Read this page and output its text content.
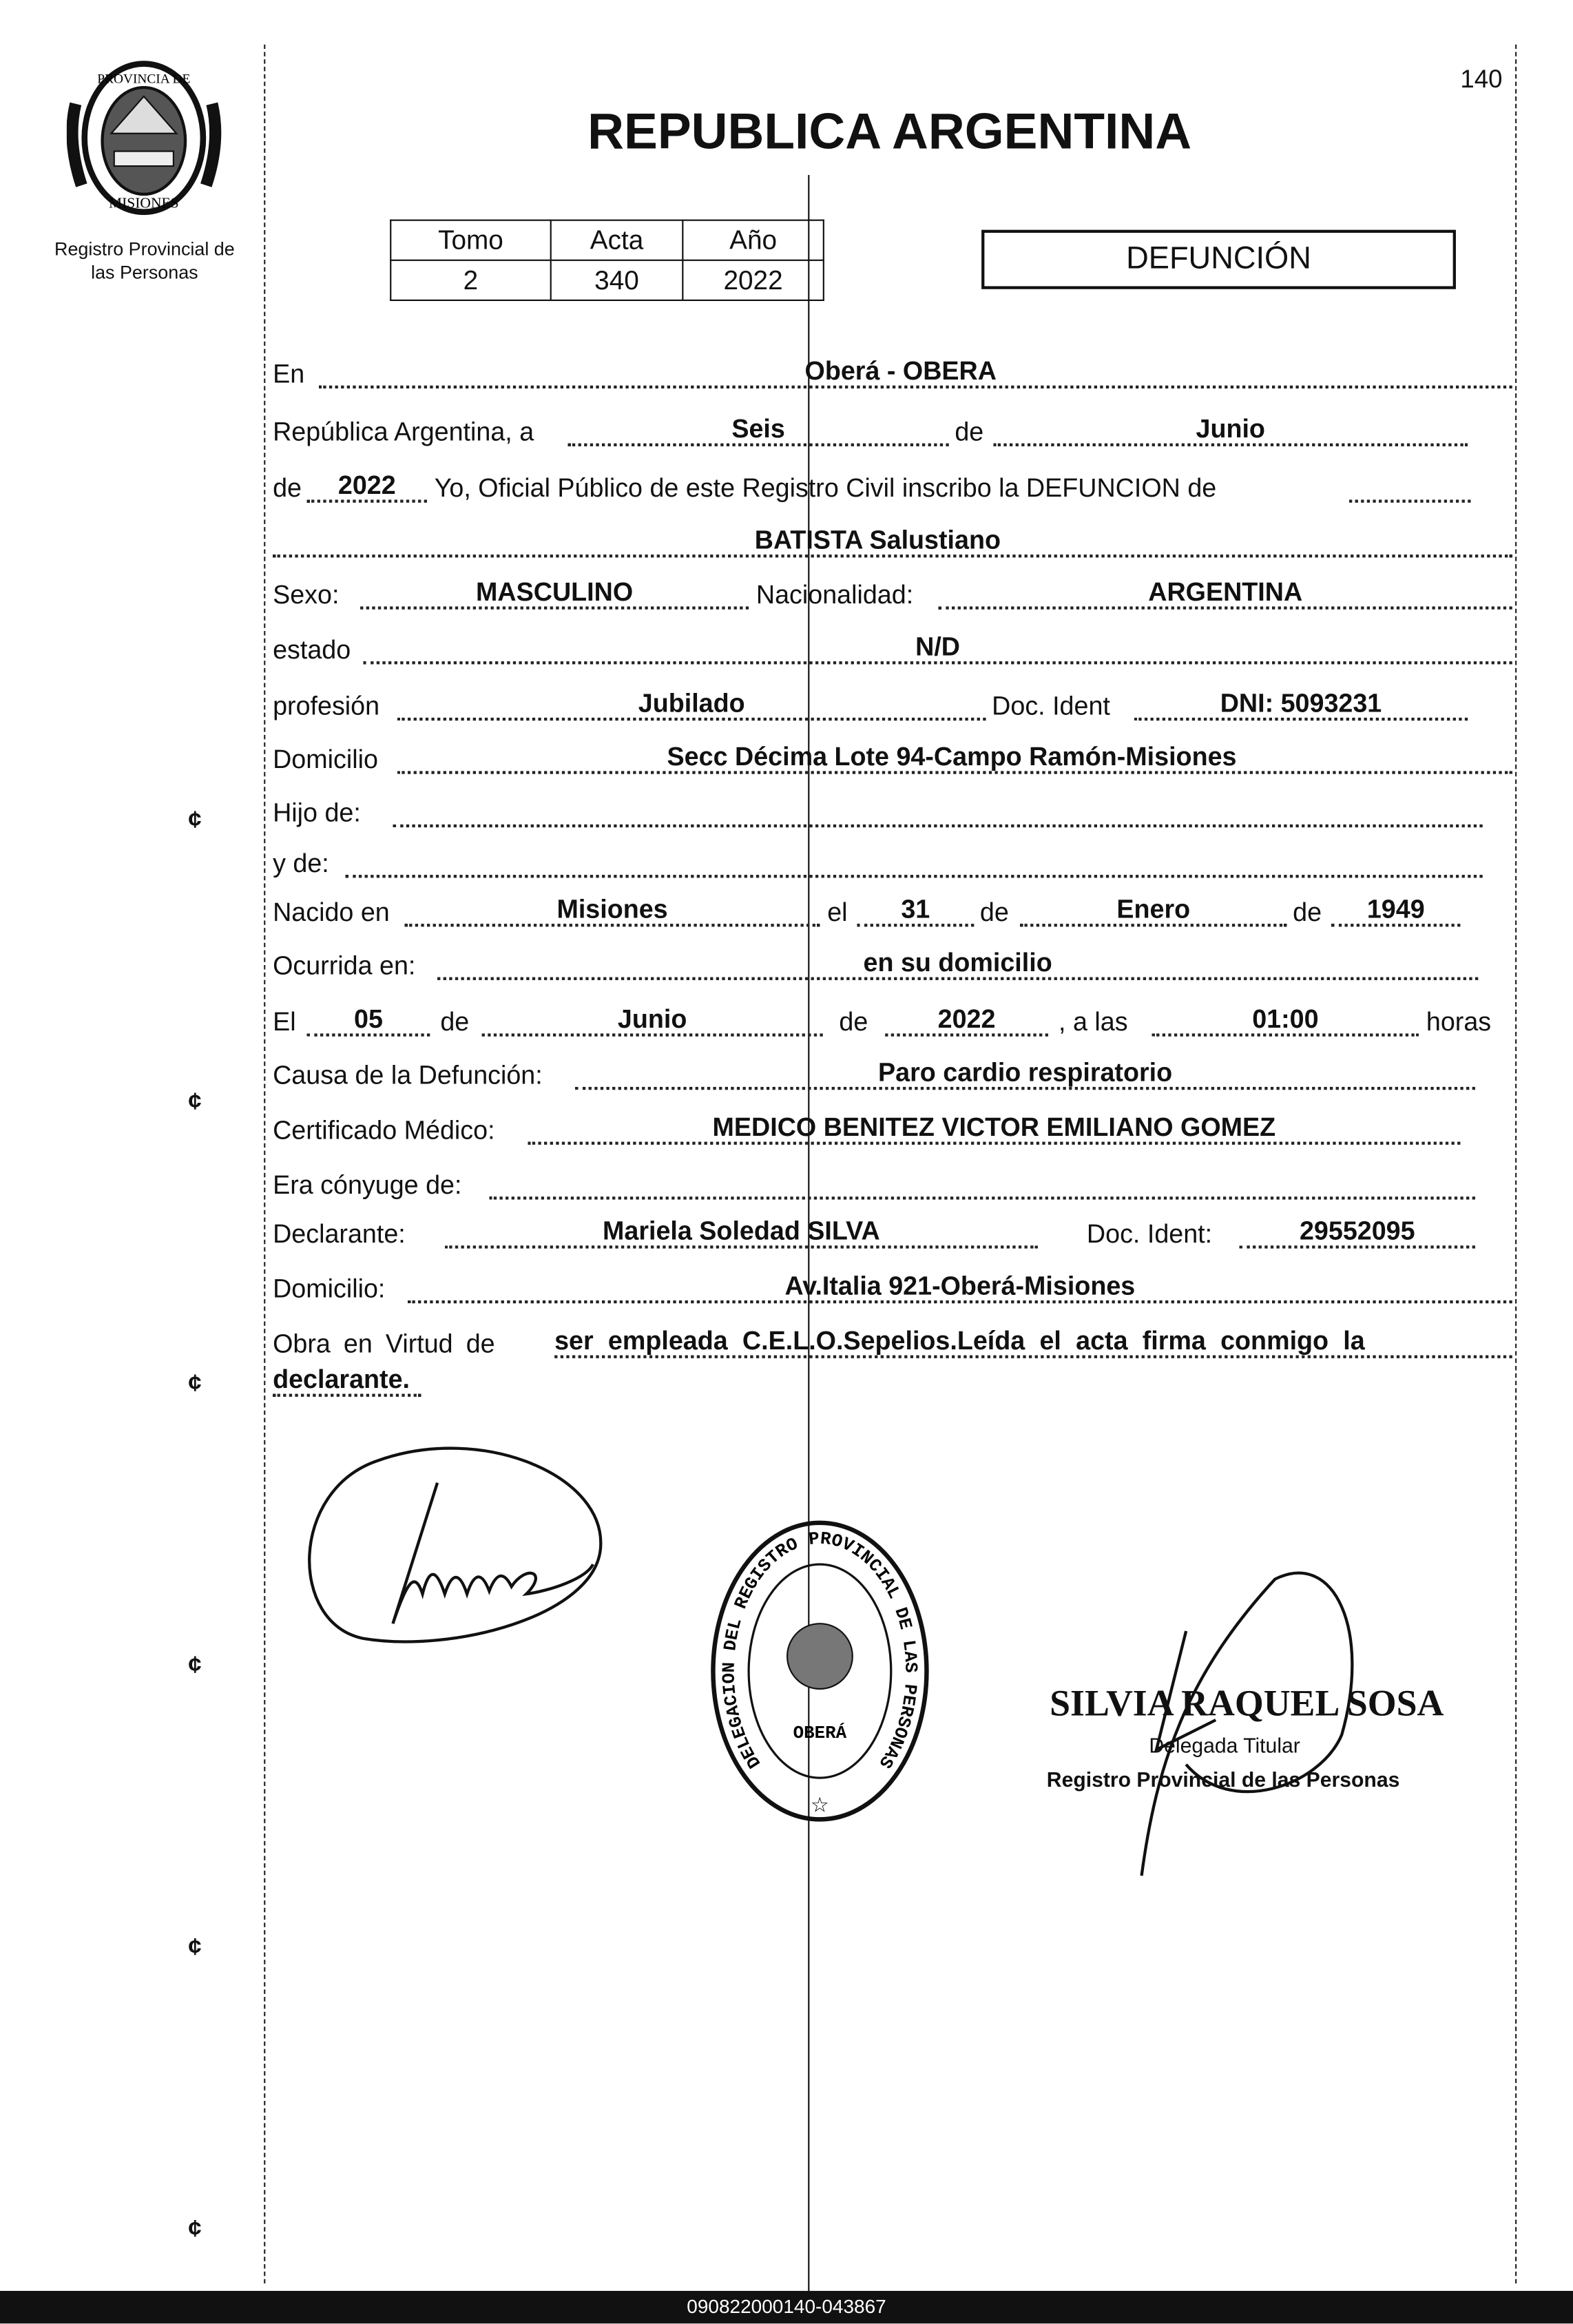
140
PROVINCIA DE
MISIONES
Registro Provincial de
las Personas
REPUBLICA ARGENTINA
Tomo	Acta	Año
2	340	2022
DEFUNCIÓN
En	Oberá - OBERA
República Argentina, a	Seis	de	Junio
de	2022	Yo, Oficial Público de este Registro Civil inscribo la DEFUNCION de
BATISTA Salustiano
Sexo:	MASCULINO	Nacionalidad:	ARGENTINA
estado	N/D
profesión	Jubilado	Doc. Ident	DNI: 5093231
Domicilio	Secc Décima Lote 94-Campo Ramón-Misiones
Hijo de:
y de:
Nacido en	Misiones	el	31	de	Enero	de	1949
Ocurrida en:	en su domicilio
El	05	de	Junio	de	2022	, a las	01:00	horas
Causa de la Defunción:	Paro cardio respiratorio
Certificado Médico:	MEDICO BENITEZ VICTOR EMILIANO GOMEZ
Era cónyuge de:
Declarante:	Mariela Soledad SILVA	Doc. Ident:	29552095
Domicilio:	Av.Italia 921-Oberá-Misiones
Obra en Virtud de	ser empleada C.E.L.O.Sepelios.Leída el acta firma conmigo la
declarante.
DELEGACION DEL REGISTRO PROVINCIAL DE LAS PERSONAS
OBERÁ
☆
SILVIA RAQUEL SOSA
Delegada Titular
Registro Provincial de las Personas
¢
¢
¢
¢
¢
¢
090822000140-043867
